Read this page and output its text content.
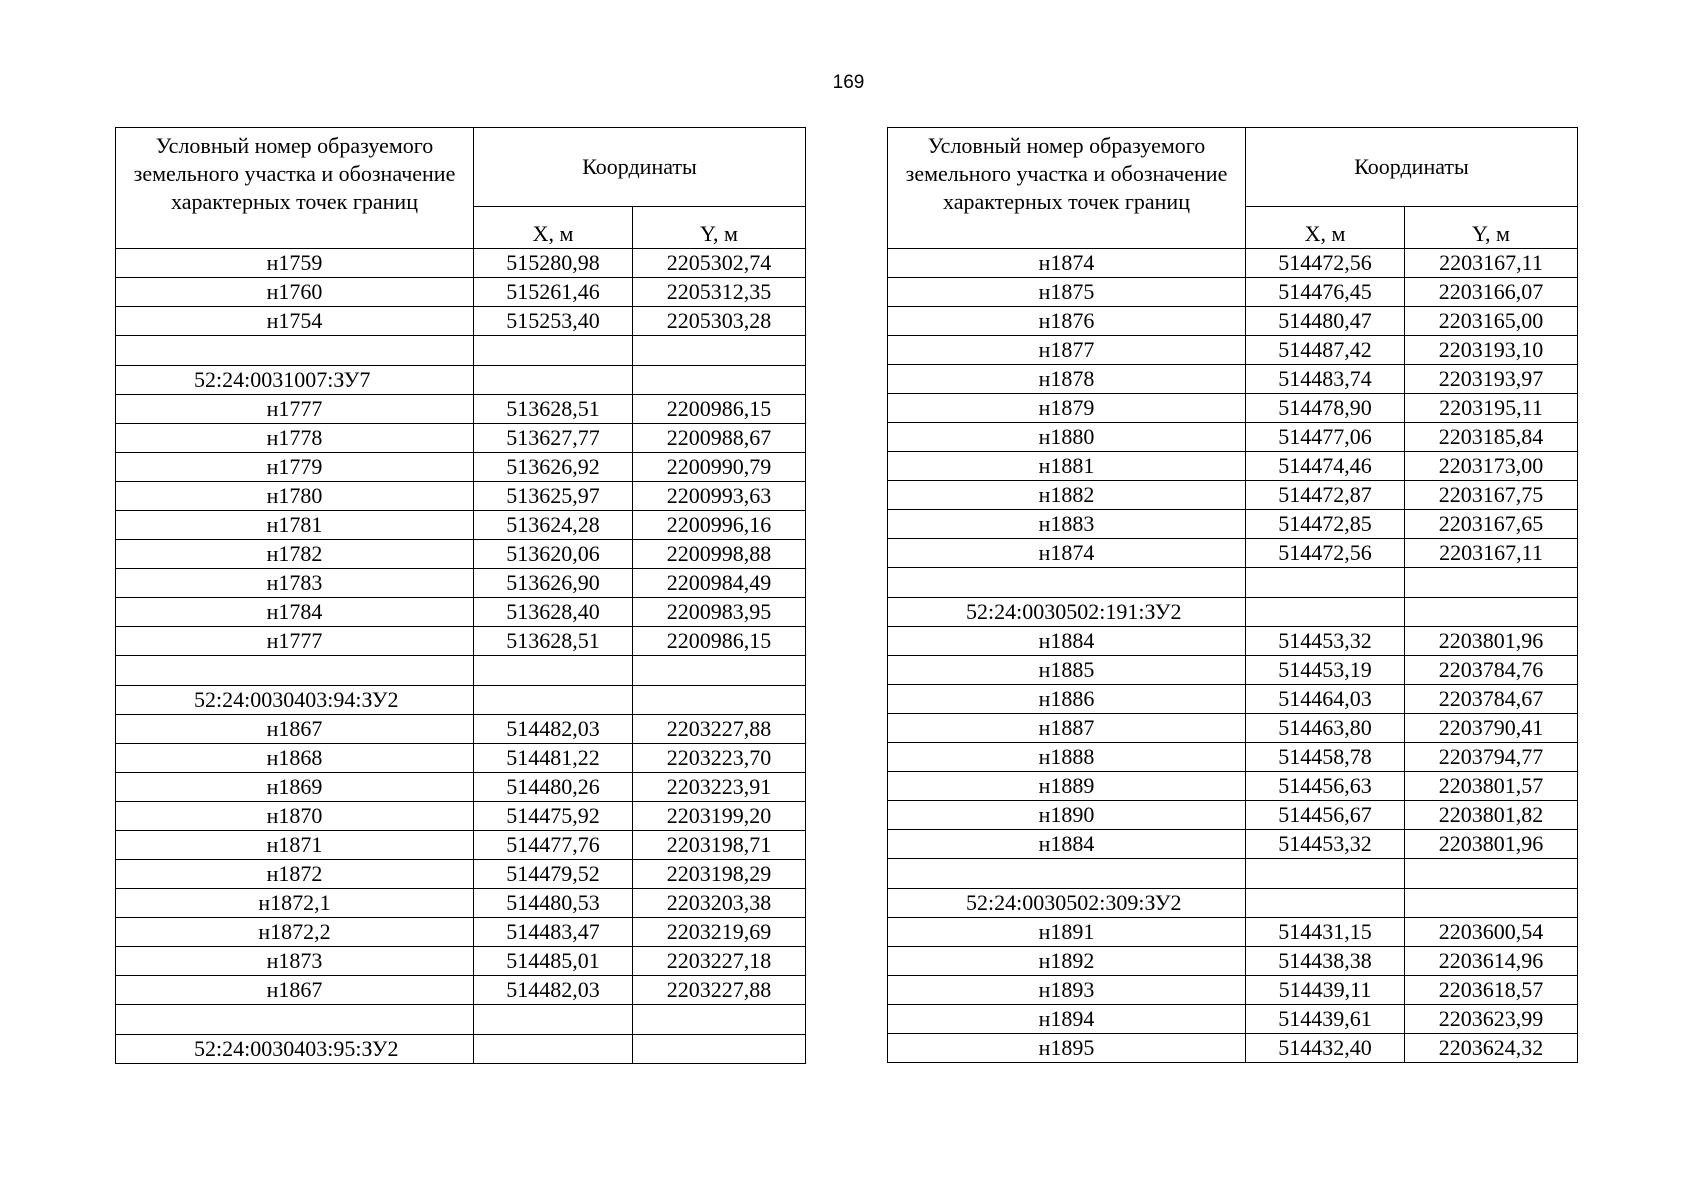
169
Условный номер образуемого земельного участка и обозначение характерных точек границ	Координаты	
	X, м	Y, м
н1759	515280,98	2205302,74
н1760	515261,46	2205312,35
н1754	515253,40	2205303,28

52:24:0031007:ЗУ7		
н1777	513628,51	2200986,15
н1778	513627,77	2200988,67
н1779	513626,92	2200990,79
н1780	513625,97	2200993,63
н1781	513624,28	2200996,16
н1782	513620,06	2200998,88
н1783	513626,90	2200984,49
н1784	513628,40	2200983,95
н1777	513628,51	2200986,15

52:24:0030403:94:ЗУ2		
н1867	514482,03	2203227,88
н1868	514481,22	2203223,70
н1869	514480,26	2203223,91
н1870	514475,92	2203199,20
н1871	514477,76	2203198,71
н1872	514479,52	2203198,29
н1872,1	514480,53	2203203,38
н1872,2	514483,47	2203219,69
н1873	514485,01	2203227,18
н1867	514482,03	2203227,88

52:24:0030403:95:ЗУ2		
Условный номер образуемого земельного участка и обозначение характерных точек границ	Координаты	
	X, м	Y, м
н1874	514472,56	2203167,11
н1875	514476,45	2203166,07
н1876	514480,47	2203165,00
н1877	514487,42	2203193,10
н1878	514483,74	2203193,97
н1879	514478,90	2203195,11
н1880	514477,06	2203185,84
н1881	514474,46	2203173,00
н1882	514472,87	2203167,75
н1883	514472,85	2203167,65
н1874	514472,56	2203167,11

52:24:0030502:191:ЗУ2		
н1884	514453,32	2203801,96
н1885	514453,19	2203784,76
н1886	514464,03	2203784,67
н1887	514463,80	2203790,41
н1888	514458,78	2203794,77
н1889	514456,63	2203801,57
н1890	514456,67	2203801,82
н1884	514453,32	2203801,96

52:24:0030502:309:ЗУ2		
н1891	514431,15	2203600,54
н1892	514438,38	2203614,96
н1893	514439,11	2203618,57
н1894	514439,61	2203623,99
н1895	514432,40	2203624,32
